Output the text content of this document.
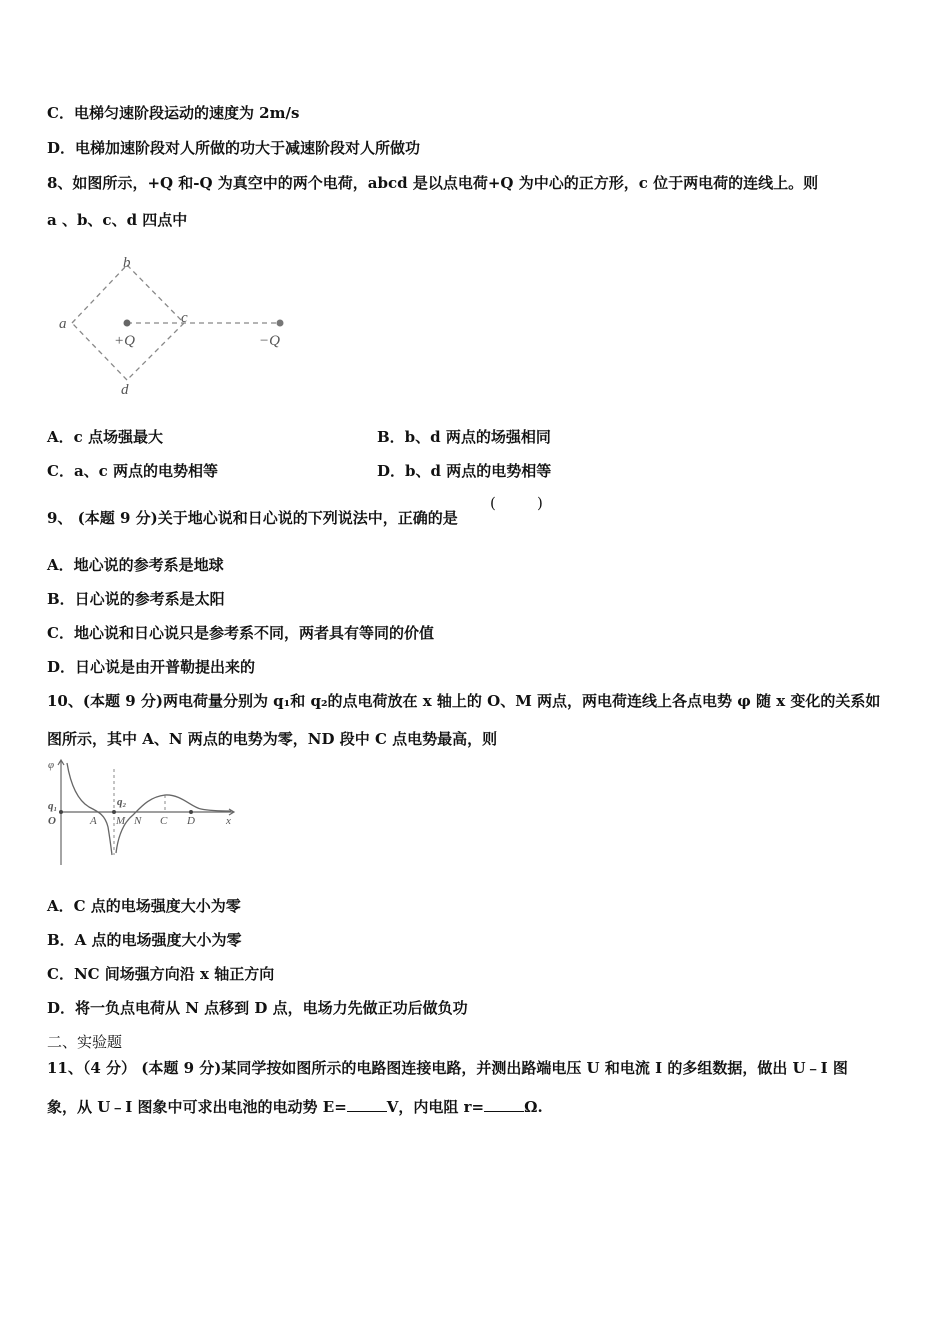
C．电梯匀速阶段运动的速度为 2m/s
D．电梯加速阶段对人所做的功大于减速阶段对人所做功
8、如图所示，+Q 和-Q 为真空中的两个电荷，abcd 是以点电荷+Q 为中心的正方形，c 位于两电荷的连线上。则
a 、b、c、d 四点中
b
a	c
d
+Q	−Q
A．c 点场强最大	B．b、d 两点的场强相同
C．a、c 两点的电势相等	D．b、d 两点的电势相等
9、 (本题 9 分)关于地心说和日心说的下列说法中，正确的是
(	)
A．地心说的参考系是地球
B．日心说的参考系是太阳
C．地心说和日心说只是参考系不同，两者具有等同的价值
D．日心说是由开普勒提出来的
10、(本题 9 分)两电荷量分别为 q₁和 q₂的点电荷放在 x 轴上的 O、M 两点，两电荷连线上各点电势 φ 随 x 变化的关系如
图所示，其中 A、N 两点的电势为零，ND 段中 C 点电势最高，则
φ
q₁	q₂
O	A M N C D	x
A．C 点的电场强度大小为零
B．A 点的电场强度大小为零
C．NC 间场强方向沿 x 轴正方向
D．将一负点电荷从 N 点移到 D 点，电场力先做正功后做负功
二、实验题
11、（4 分） (本题 9 分)某同学按如图所示的电路图连接电路，并测出路端电压 U 和电流 I 的多组数据，做出 U﹣I 图
象，从 U﹣I 图象中可求出电池的电动势 E=	V，内电阻 r=	Ω.
